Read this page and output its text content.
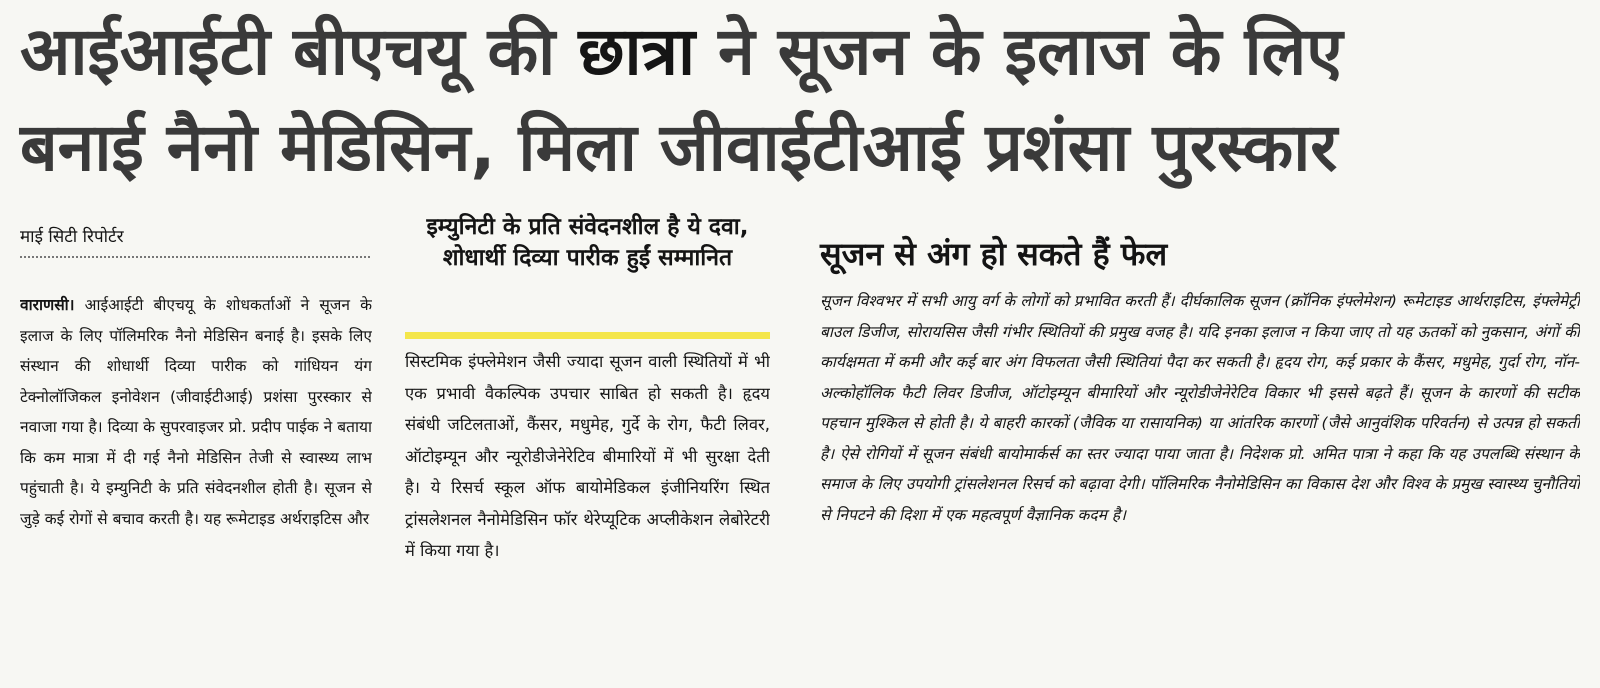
आईआईटी बीएचयू की छात्रा ने सूजन के इलाज के लिए
बनाई नैनो मेडिसिन, मिला जीवाईटीआई प्रशंसा पुरस्कार
माई सिटी रिपोर्टर
वाराणसी। आईआईटी बीएचयू के शोधकर्ताओं ने सूजन के इलाज के लिए पॉलिमरिक नैनो मेडिसिन बनाई है। इसके लिए संस्थान की शोधार्थी दिव्या पारीक को गांधियन यंग टेक्नोलॉजिकल इनोवेशन (जीवाईटीआई) प्रशंसा पुरस्कार से नवाजा गया है। दिव्या के सुपरवाइजर प्रो. प्रदीप पाईक ने बताया कि कम मात्रा में दी गई नैनो मेडिसिन तेजी से स्वास्थ्य लाभ पहुंचाती है। ये इम्युनिटी के प्रति संवेदनशील होती है। सूजन से जुड़े कई रोगों से बचाव करती है। यह रूमेटाइड अर्थराइटिस और
इम्युनिटी के प्रति संवेदनशील है ये दवा, शोधार्थी दिव्या पारीक हुईं सम्मानित
सिस्टमिक इंफ्लेमेशन जैसी ज्यादा सूजन वाली स्थितियों में भी एक प्रभावी वैकल्पिक उपचार साबित हो सकती है। हृदय संबंधी जटिलताओं, कैंसर, मधुमेह, गुर्दे के रोग, फैटी लिवर, ऑटोइम्यून और न्यूरोडीजेनेरेटिव बीमारियों में भी सुरक्षा देती है। ये रिसर्च स्कूल ऑफ बायोमेडिकल इंजीनियरिंग स्थित ट्रांसलेशनल नैनोमेडिसिन फॉर थेरेप्यूटिक अप्लीकेशन लेबोरेटरी में किया गया है।
सूजन से अंग हो सकते हैं फेल
सूजन विश्वभर में सभी आयु वर्ग के लोगों को प्रभावित करती हैं। दीर्घकालिक सूजन (क्रॉनिक इंफ्लेमेशन) रूमेटाइड आर्थराइटिस, इंफ्लेमेट्री बाउल डिजीज, सोरायसिस जैसी गंभीर स्थितियों की प्रमुख वजह है। यदि इनका इलाज न किया जाए तो यह ऊतकों को नुकसान, अंगों की कार्यक्षमता में कमी और कई बार अंग विफलता जैसी स्थितियां पैदा कर सकती है। हृदय रोग, कई प्रकार के कैंसर, मधुमेह, गुर्दा रोग, नॉन-अल्कोहॉलिक फैटी लिवर डिजीज, ऑटोइम्यून बीमारियों और न्यूरोडीजेनेरेटिव विकार भी इससे बढ़ते हैं। सूजन के कारणों की सटीक पहचान मुश्किल से होती है। ये बाहरी कारकों (जैविक या रासायनिक) या आंतरिक कारणों (जैसे आनुवंशिक परिवर्तन) से उत्पन्न हो सकती है। ऐसे रोगियों में सूजन संबंधी बायोमार्कर्स का स्तर ज्यादा पाया जाता है। निदेशक प्रो. अमित पात्रा ने कहा कि यह उपलब्धि संस्थान के समाज के लिए उपयोगी ट्रांसलेशनल रिसर्च को बढ़ावा देगी। पॉलिमरिक नैनोमेडिसिन का विकास देश और विश्व के प्रमुख स्वास्थ्य चुनौतियों से निपटने की दिशा में एक महत्वपूर्ण वैज्ञानिक कदम है।
